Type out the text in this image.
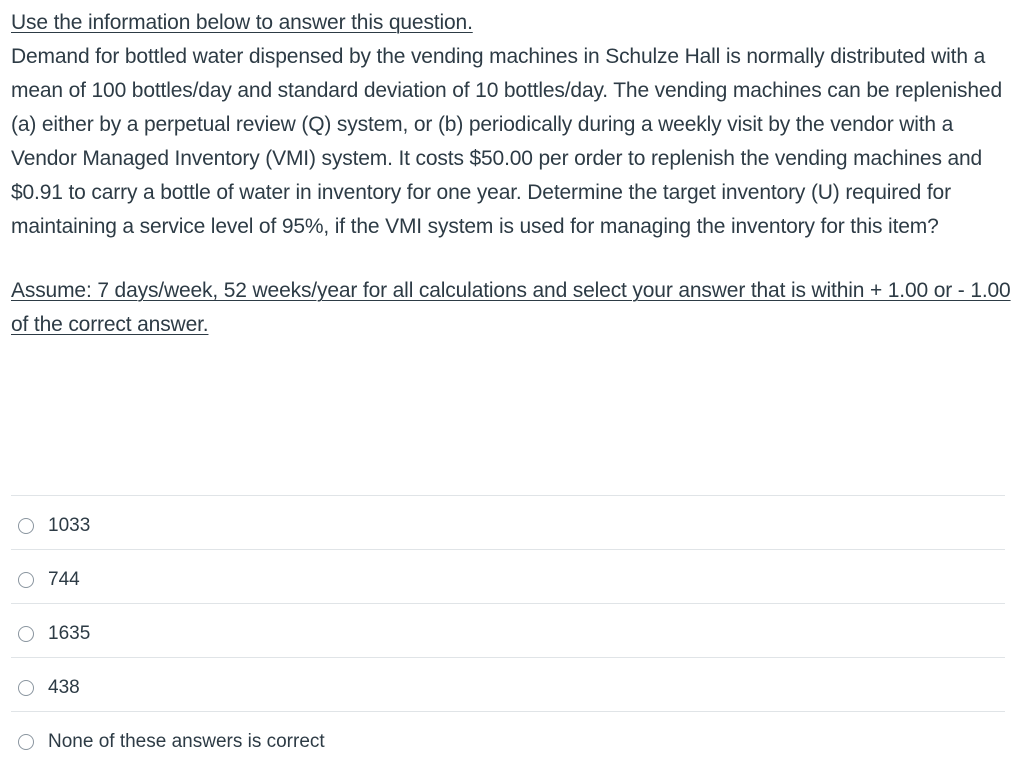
Use the information below to answer this question.

Demand for bottled water dispensed by the vending machines in Schulze Hall is normally distributed with a mean of 100 bottles/day and standard deviation of 10 bottles/day. The vending machines can be replenished (a) either by a perpetual review (Q) system, or (b) periodically during a weekly visit by the vendor with a Vendor Managed Inventory (VMI) system. It costs $50.00 per order to replenish the vending machines and $0.91 to carry a bottle of water in inventory for one year. Determine the target inventory (U) required for maintaining a service level of 95%, if the VMI system is used for managing the inventory for this item?

Assume: 7 days/week, 52 weeks/year for all calculations and select your answer that is within + 1.00 or - 1.00 of the correct answer.

1033
744
1635
438
None of these answers is correct
